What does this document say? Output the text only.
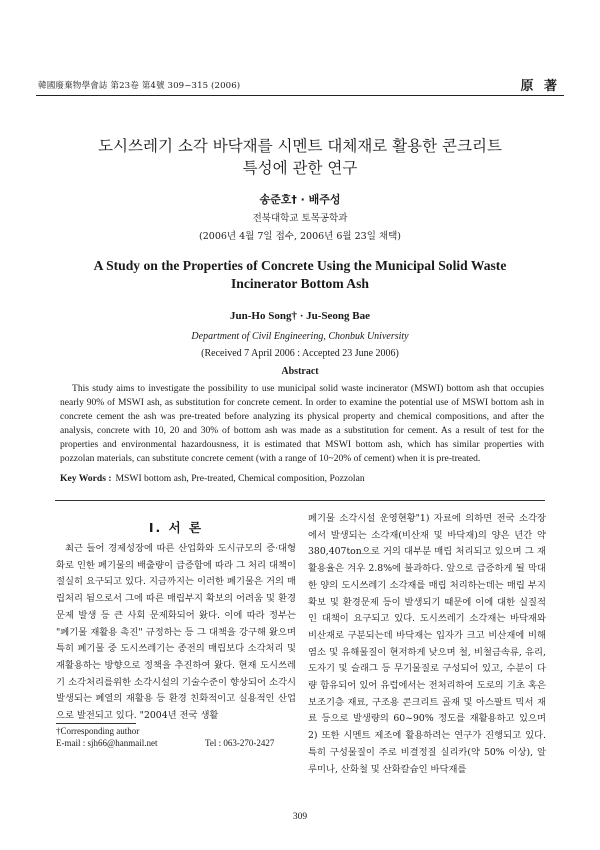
韓國廢棄物學會誌 第23卷 第4號 309~315 (2006)	原 著
도시쓰레기 소각 바닥재를 시멘트 대체재로 활용한 콘크리트
특성에 관한 연구
송준호† · 배주성
전북대학교 토목공학과
(2006년 4월 7일 접수, 2006년 6월 23일 채택)
A Study on the Properties of Concrete Using the Municipal Solid Waste
Incinerator Bottom Ash
Jun-Ho Song† · Ju-Seong Bae
Department of Civil Engineering, Chonbuk University
(Received 7 April 2006 : Accepted 23 June 2006)
Abstract
This study aims to investigate the possibility to use municipal solid waste incinerator (MSWI) bottom ash that occupies nearly 90% of MSWI ash, as substitution for concrete cement. In order to examine the potential use of MSWI bottom ash in concrete cement the ash was pre-treated before analyzing its physical property and chemical compositions, and after the analysis, concrete with 10, 20 and 30% of bottom ash was made as a substitution for cement. As a result of test for the properties and environmental hazardousness, it is estimated that MSWI bottom ash, which has similar properties with pozzolan materials, can substitute concrete cement (with a range of 10~20% of cement) when it is pre-treated.
Key Words : MSWI bottom ash, Pre-treated, Chemical composition, Pozzolan
I. 서 론
최근 들어 경제성장에 따른 산업화와 도시규모의 증·대형화로 인한 폐기물의 배출량이 급증함에 따라 그 처리 대책이 절실히 요구되고 있다. 지금까지는 이러한 폐기물은 거의 매립처리 됨으로서 그에 따른 매립부지 확보의 어려움 및 환경문제 발생 등 큰 사회 문제화되어 왔다. 이에 따라 정부는 "폐기물 재활용 촉진" 규정하는 등 그 대책을 강구해 왔으며 특히 폐기물 중 도시쓰레기는 종전의 매립보다 소각처리 및 재활용하는 방향으로 정책을 추진하여 왔다. 현재 도시쓰레기 소각처리를위한 소각시설의 기술수준이 향상되어 소각시 발생되는 폐열의 재활용 등 환경 친화적이고 실용적인 산업으로 발전되고 있다. "2004년 전국 생활
폐기물 소각시설 운영현황"1) 자료에 의하면 전국 소각장에서 발생되는 소각재(비산재 및 바닥재)의 양은 년간 약 380,407ton으로 거의 대부분 매립 처리되고 있으며 그 재활용율은 겨우 2.8%에 불과하다. 앞으로 급증하게 될 막대한 양의 도시쓰레기 소각재를 매립 처리하는데는 매립 부지확보 및 환경문제 등이 발생되기 때문에 이에 대한 실질적인 대책이 요구되고 있다. 도시쓰레기 소각재는 바닥재와 비산재로 구분되는데 바닥재는 입자가 크고 비산재에 비해 염소 및 유해물질이 현저하게 낮으며 철, 비철금속류, 유리, 도자기 및 슬래그 등 무기물질로 구성되어 있고, 수분이 다량 함유되어 있어 유럽에서는 전처리하여 도로의 기초 혹은 보조기층 재료, 구조용 콘크리트 골재 및 아스팔트 믹서 재료 등으로 발생량의 60~90% 정도를 재활용하고 있으며2) 또한 시멘트 제조에 활용하려는 연구가 진행되고 있다. 특히 구성물질이 주로 비결정질 실리카(약 50% 이상), 알루미나, 산화철 및 산화칼슘인 바닥재를
†Corresponding author
E-mail : sjh66@hanmail.net	Tel : 063-270-2427
309
